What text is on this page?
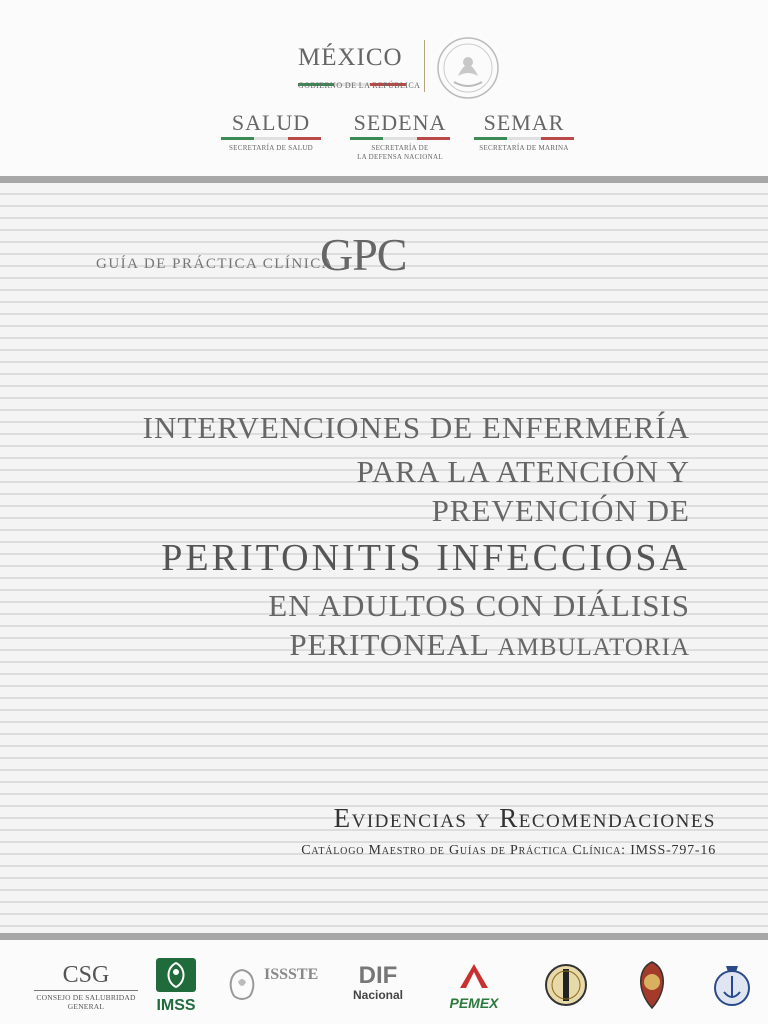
MÉXICO
GOBIERNO DE LA REPÚBLICA
SALUD
SECRETARÍA DE SALUD
SEDENA
SECRETARÍA DE
LA DEFENSA NACIONAL
SEMAR
SECRETARÍA DE MARINA
GUÍA DE PRÁCTICA CLÍNICA
GPC
INTERVENCIONES DE ENFERMERÍA
PARA LA ATENCIÓN Y
PREVENCIÓN DE
PERITONITIS INFECCIOSA
EN ADULTOS CON DIÁLISIS
PERITONEAL AMBULATORIA
Evidencias y Recomendaciones
Catálogo Maestro de Guías de Práctica Clínica: IMSS-797-16
CSG
CONSEJO DE SALUBRIDAD
GENERAL	IMSS
ISSSTE	DIF
Nacional	PEMEX
